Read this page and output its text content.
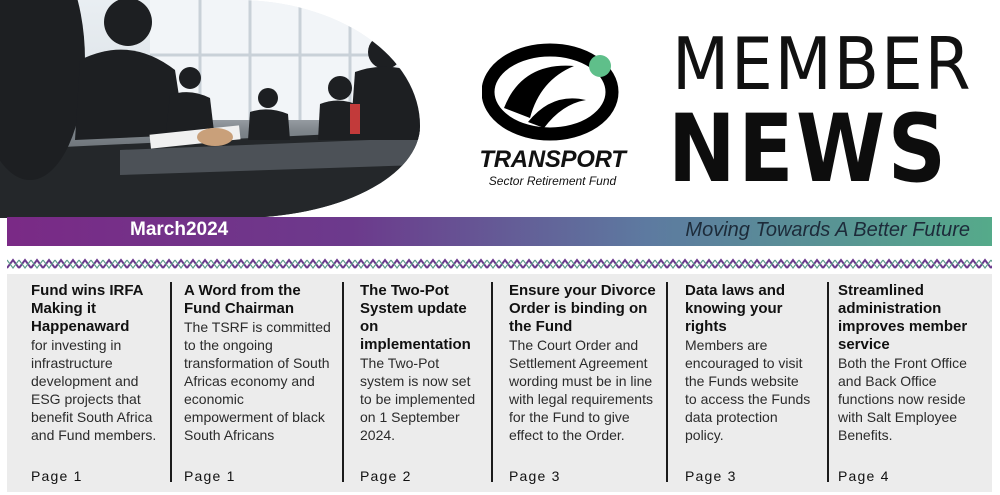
TRANSPORT
Sector Retirement Fund
MEMBER
NEWS
March2024	Moving Towards A Better Future
Fund wins IRFA Making it Happenaward
for investing in infrastructure development and ESG projects that benefit South Africa and Fund members.
Page 1
A Word from the Fund Chairman
The TSRF is committed to the ongoing transformation of South Africas economy and economic empowerment of black South Africans
Page 1
The Two-Pot System update on implementation
The Two-Pot system is now set to be implemented on 1 September 2024.
Page 2
Ensure your Divorce Order is binding on the Fund
The Court Order and Settlement Agreement wording must be in line with legal requirements for the Fund to give effect to the Order.
Page 3
Data laws and knowing your rights
Members are encouraged to visit the Funds website to access the Funds data protection policy.
Page 3
Streamlined administration improves member service
Both the Front Office and Back Office functions now reside with Salt Employee Benefits.
Page 4
